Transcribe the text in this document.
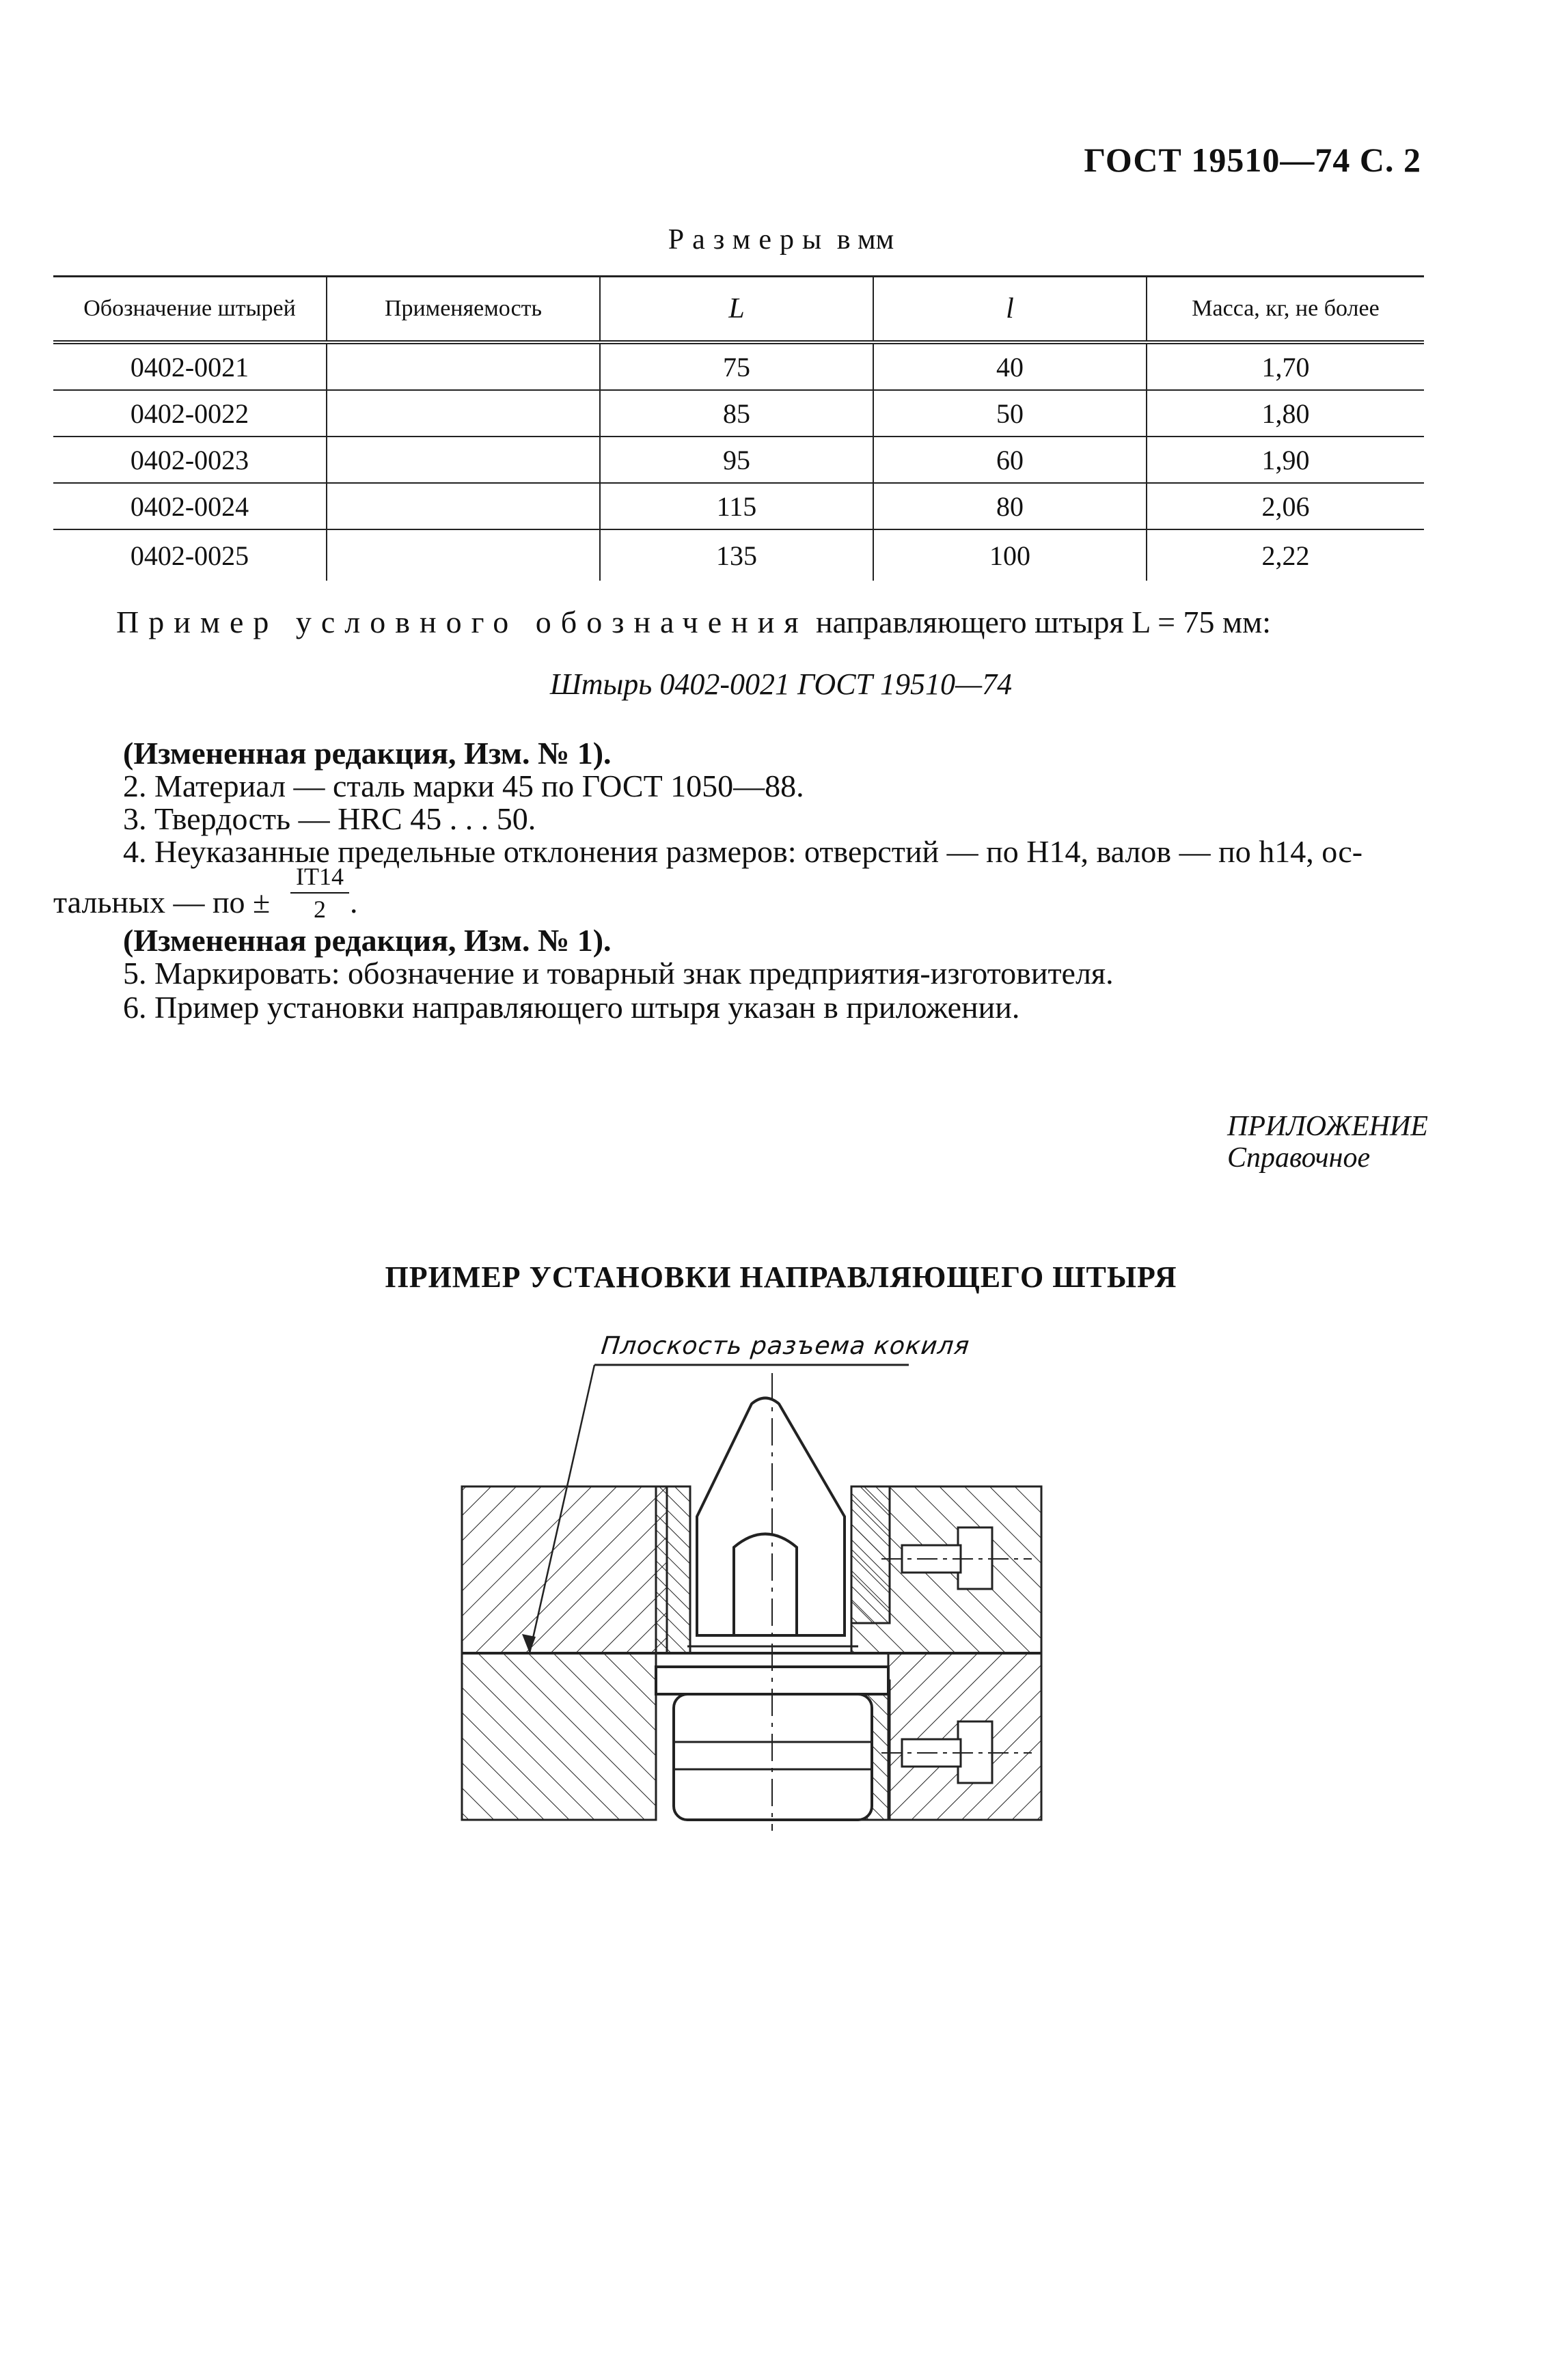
ГОСТ 19510—74 С. 2
Размеры в мм
Обозначение штырей	Применяемость	L	l	Масса, кг, не более
0402-0021		75	40	1,70
0402-0022		85	50	1,80
0402-0023		95	60	1,90
0402-0024		115	80	2,06
0402-0025		135	100	2,22
Пример условного обозначения направляющего штыря L = 75 мм:
Штырь 0402-0021 ГОСТ 19510—74
(Измененная редакция, Изм. № 1).
2. Материал — сталь марки 45 по ГОСТ 1050—88.
3. Твердость — HRC 45 . . . 50.
4. Неуказанные предельные отклонения размеров: отверстий — по H14, валов — по h14, ос-
тальных — по ±
IT14
2 .
(Измененная редакция, Изм. № 1).
5. Маркировать: обозначение и товарный знак предприятия-изготовителя.
6. Пример установки направляющего штыря указан в приложении.
ПРИЛОЖЕНИЕ
Справочное
ПРИМЕР УСТАНОВКИ НАПРАВЛЯЮЩЕГО ШТЫРЯ
Плоскость разъема кокиля
